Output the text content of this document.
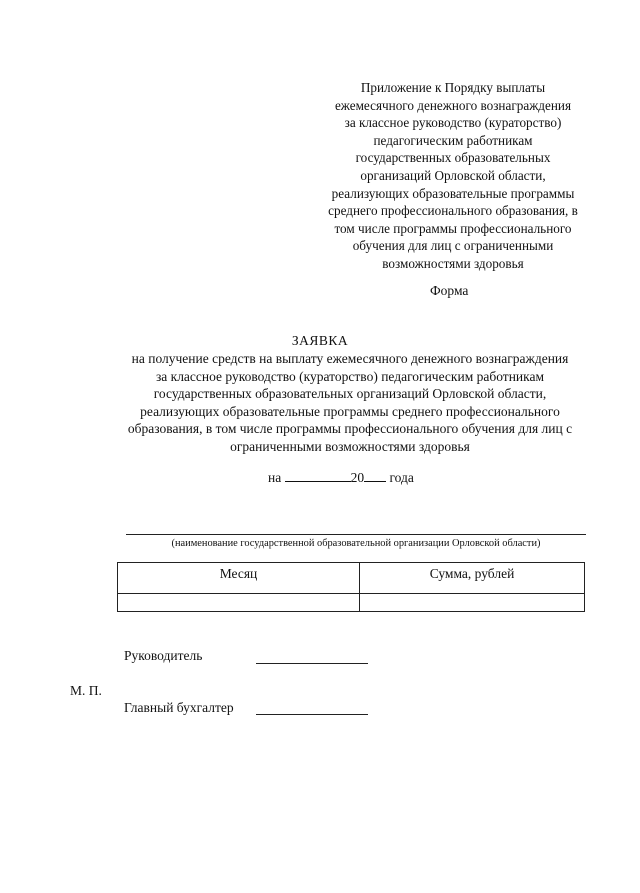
Приложение к Порядку выплаты
ежемесячного денежного вознаграждения
за классное руководство (кураторство)
педагогическим работникам
государственных образовательных
организаций Орловской области,
реализующих образовательные программы
среднего профессионального образования, в
том числе программы профессионального
обучения для лиц с ограниченными
возможностями здоровья
Форма
ЗАЯВКА
на получение средств на выплату ежемесячного денежного вознаграждения
за классное руководство (кураторство) педагогическим работникам
государственных образовательных организаций Орловской области,
реализующих образовательные программы среднего профессионального
образования, в том числе программы профессионального обучения для лиц с
ограниченными возможностями здоровья
на	20 года
(наименование государственной образовательной организации Орловской области)
Месяц	Сумма, рублей

Руководитель
М. П.
Главный бухгалтер
